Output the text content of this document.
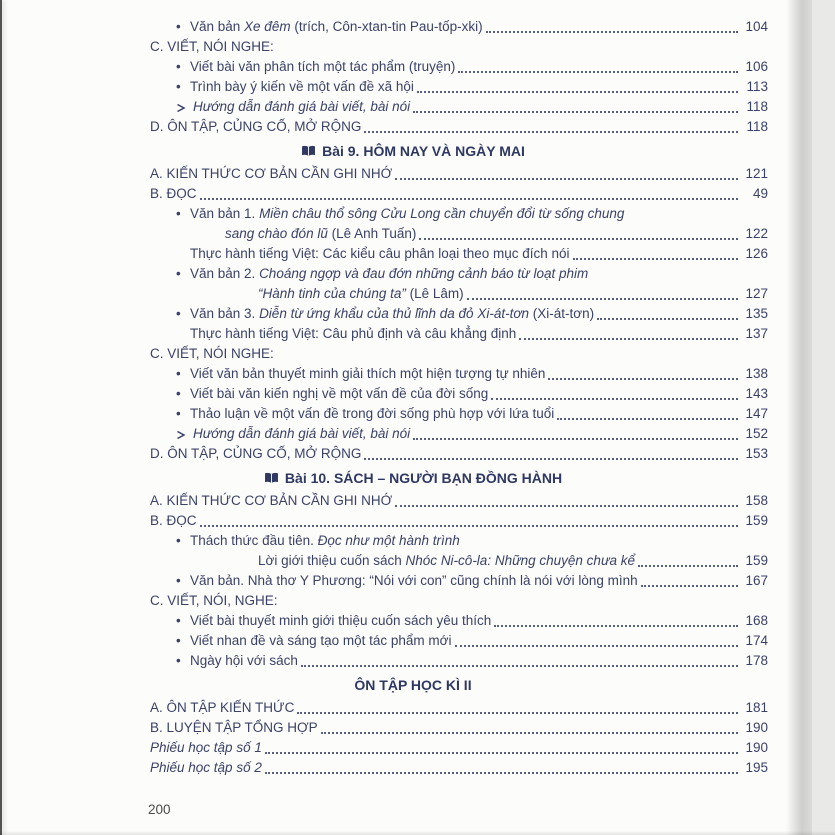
• Văn bản Xe đêm (trích, Côn-xtan-tin Pau-tốp-xki)	104
C. VIẾT, NÓI NGHE:
• Viết bài văn phân tích một tác phẩm (truyện)	106
• Trình bày ý kiến về một vấn đề xã hội	113
Hướng dẫn đánh giá bài viết, bài nói	118
D. ÔN TẬP, CỦNG CỐ, MỞ RỘNG	118
Bài 9. HÔM NAY VÀ NGÀY MAI
A. KIẾN THỨC CƠ BẢN CẦN GHI NHỚ	121
B. ĐỌC	49
• Văn bản 1. Miền châu thổ sông Cửu Long cần chuyển đổi từ sống chung
sang chào đón lũ (Lê Anh Tuấn)	122
Thực hành tiếng Việt: Các kiểu câu phân loại theo mục đích nói	126
• Văn bản 2. Choáng ngợp và đau đớn những cảnh báo từ loạt phim
“Hành tinh của chúng ta” (Lê Lâm)	127
• Văn bản 3. Diễn từ ứng khẩu của thủ lĩnh da đỏ Xi-át-tơn (Xi-át-tơn)	135
Thực hành tiếng Việt: Câu phủ định và câu khẳng định	137
C. VIẾT, NÓI NGHE:
• Viết văn bản thuyết minh giải thích một hiện tượng tự nhiên	138
• Viết bài văn kiến nghị về một vấn đề của đời sống	143
• Thảo luận về một vấn đề trong đời sống phù hợp với lứa tuổi	147
Hướng dẫn đánh giá bài viết, bài nói	152
D. ÔN TẬP, CỦNG CỐ, MỞ RỘNG	153
Bài 10. SÁCH – NGƯỜI BẠN ĐỒNG HÀNH
A. KIẾN THỨC CƠ BẢN CẦN GHI NHỚ	158
B. ĐỌC	159
• Thách thức đầu tiên. Đọc như một hành trình
Lời giới thiệu cuốn sách Nhóc Ni-cô-la: Những chuyện chưa kể	159
• Văn bản. Nhà thơ Y Phương: “Nói với con” cũng chính là nói với lòng mình	167
C. VIẾT, NÓI, NGHE:
• Viết bài thuyết minh giới thiệu cuốn sách yêu thích	168
• Viết nhan đề và sáng tạo một tác phẩm mới	174
• Ngày hội với sách	178
ÔN TẬP HỌC KÌ II
A. ÔN TẬP KIẾN THỨC	181
B. LUYỆN TẬP TỔNG HỢP	190
Phiếu học tập số 1	190
Phiếu học tập số 2	195
200
